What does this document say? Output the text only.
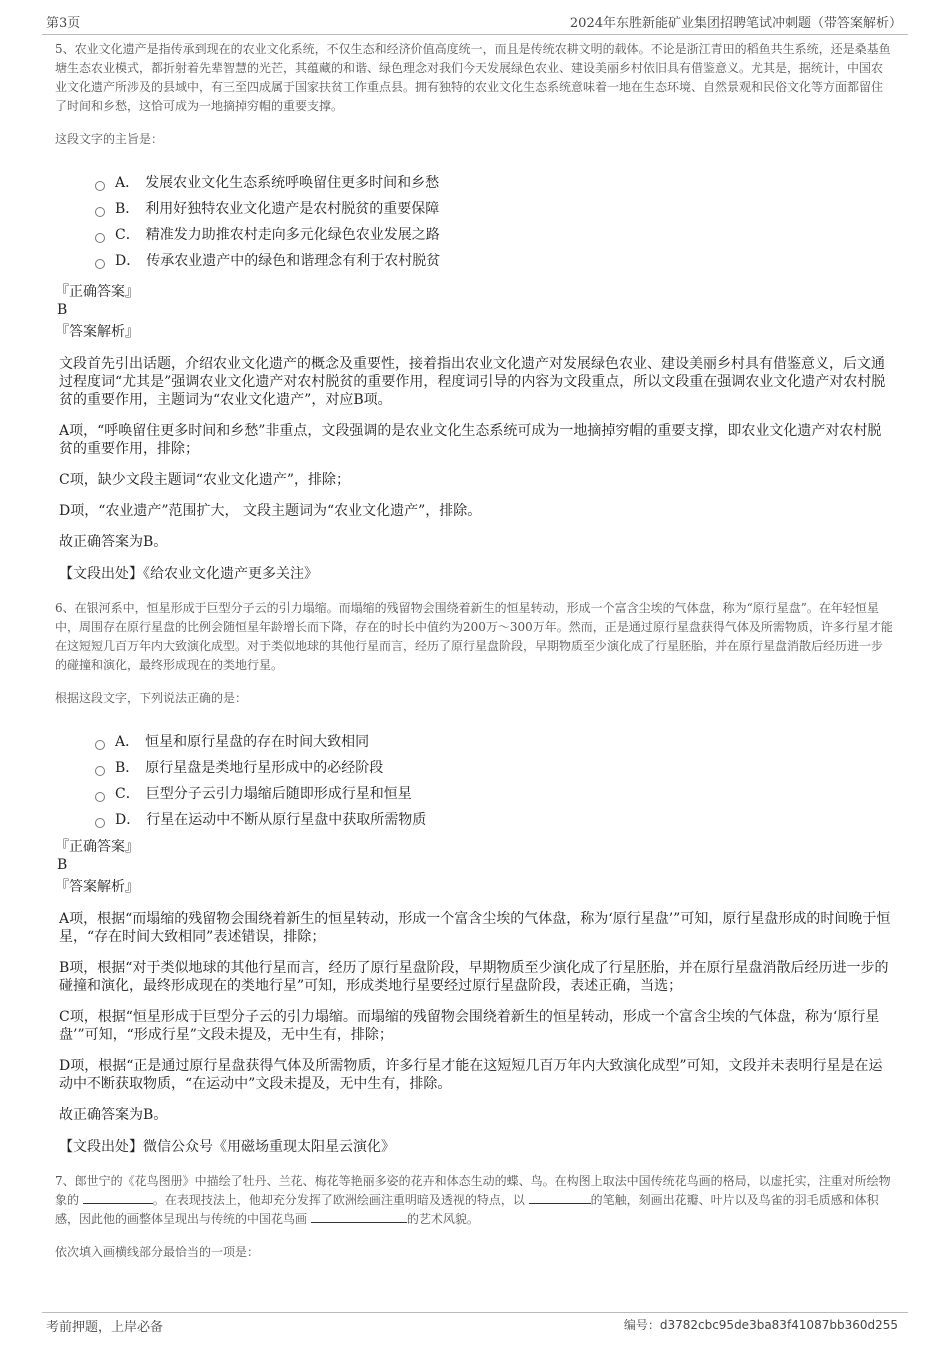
第3页	2024年东胜新能矿业集团招聘笔试冲刺题（带答案解析）

5、农业文化遗产是指传承到现在的农业文化系统，不仅生态和经济价值高度统一，而且是传统农耕文明的载体。不论是浙江青田的稻鱼共生系统，还是桑基鱼塘生态农业模式，都折射着先辈智慧的光芒，其蕴藏的和谐、绿色理念对我们今天发展绿色农业、建设美丽乡村依旧具有借鉴意义。尤其是，据统计，中国农业文化遗产所涉及的县域中，有三至四成属于国家扶贫工作重点县。拥有独特的农业文化生态系统意味着一地在生态环境、自然景观和民俗文化等方面都留住了时间和乡愁，这恰可成为一地摘掉穷帽的重要支撑。

这段文字的主旨是：

A． 发展农业文化生态系统呼唤留住更多时间和乡愁
B． 利用好独特农业文化遗产是农村脱贫的重要保障
C． 精准发力助推农村走向多元化绿色农业发展之路
D． 传承农业遗产中的绿色和谐理念有利于农村脱贫

『正确答案』

B

『答案解析』

文段首先引出话题，介绍农业文化遗产的概念及重要性，接着指出农业文化遗产对发展绿色农业、建设美丽乡村具有借鉴意义，后文通过程度词“尤其是”强调农业文化遗产对农村脱贫的重要作用，程度词引导的内容为文段重点，所以文段重在强调农业文化遗产对农村脱贫的重要作用，主题词为“农业文化遗产”，对应B项。

A项，“呼唤留住更多时间和乡愁”非重点，文段强调的是农业文化生态系统可成为一地摘掉穷帽的重要支撑，即农业文化遗产对农村脱贫的重要作用，排除；

C项，缺少文段主题词“农业文化遗产”，排除；

D项，“农业遗产”范围扩大， 文段主题词为“农业文化遗产”，排除。

故正确答案为B。

【文段出处】《给农业文化遗产更多关注》

6、在银河系中，恒星形成于巨型分子云的引力塌缩。而塌缩的残留物会围绕着新生的恒星转动，形成一个富含尘埃的气体盘，称为“原行星盘”。在年轻恒星中，周围存在原行星盘的比例会随恒星年龄增长而下降，存在的时长中值约为200万～300万年。然而，正是通过原行星盘获得气体及所需物质，许多行星才能在这短短几百万年内大致演化成型。对于类似地球的其他行星而言，经历了原行星盘阶段，早期物质至少演化成了行星胚胎，并在原行星盘消散后经历进一步的碰撞和演化，最终形成现在的类地行星。

根据这段文字，下列说法正确的是：

A． 恒星和原行星盘的存在时间大致相同
B． 原行星盘是类地行星形成中的必经阶段
C． 巨型分子云引力塌缩后随即形成行星和恒星
D． 行星在运动中不断从原行星盘中获取所需物质

『正确答案』

B

『答案解析』

A项，根据“而塌缩的残留物会围绕着新生的恒星转动，形成一个富含尘埃的气体盘，称为‘原行星盘’”可知，原行星盘形成的时间晚于恒星，“存在时间大致相同”表述错误，排除；

B项，根据“对于类似地球的其他行星而言，经历了原行星盘阶段，早期物质至少演化成了行星胚胎，并在原行星盘消散后经历进一步的碰撞和演化，最终形成现在的类地行星”可知，形成类地行星要经过原行星盘阶段，表述正确，当选；

C项，根据“恒星形成于巨型分子云的引力塌缩。而塌缩的残留物会围绕着新生的恒星转动，形成一个富含尘埃的气体盘，称为‘原行星盘’”可知，“形成行星”文段未提及，无中生有，排除；

D项，根据“正是通过原行星盘获得气体及所需物质，许多行星才能在这短短几百万年内大致演化成型”可知，文段并未表明行星是在运动中不断获取物质，“在运动中”文段未提及，无中生有，排除。

故正确答案为B。

【文段出处】微信公众号《用磁场重现太阳星云演化》

7、郎世宁的《花鸟图册》中描绘了牡丹、兰花、梅花等艳丽多姿的花卉和体态生动的蝶、鸟。在构图上取法中国传统花鸟画的格局，以虚托实，注重对所绘物象的	。在表现技法上，他却充分发挥了欧洲绘画注重明暗及透视的特点，以	的笔触，刻画出花瓣、叶片以及鸟雀的羽毛质感和体积感，因此他的画整体呈现出与传统的中国花鸟画	的艺术风貌。

依次填入画横线部分最恰当的一项是：

考前押题，上岸必备	编号：d3782cbc95de3ba83f41087bb360d255
